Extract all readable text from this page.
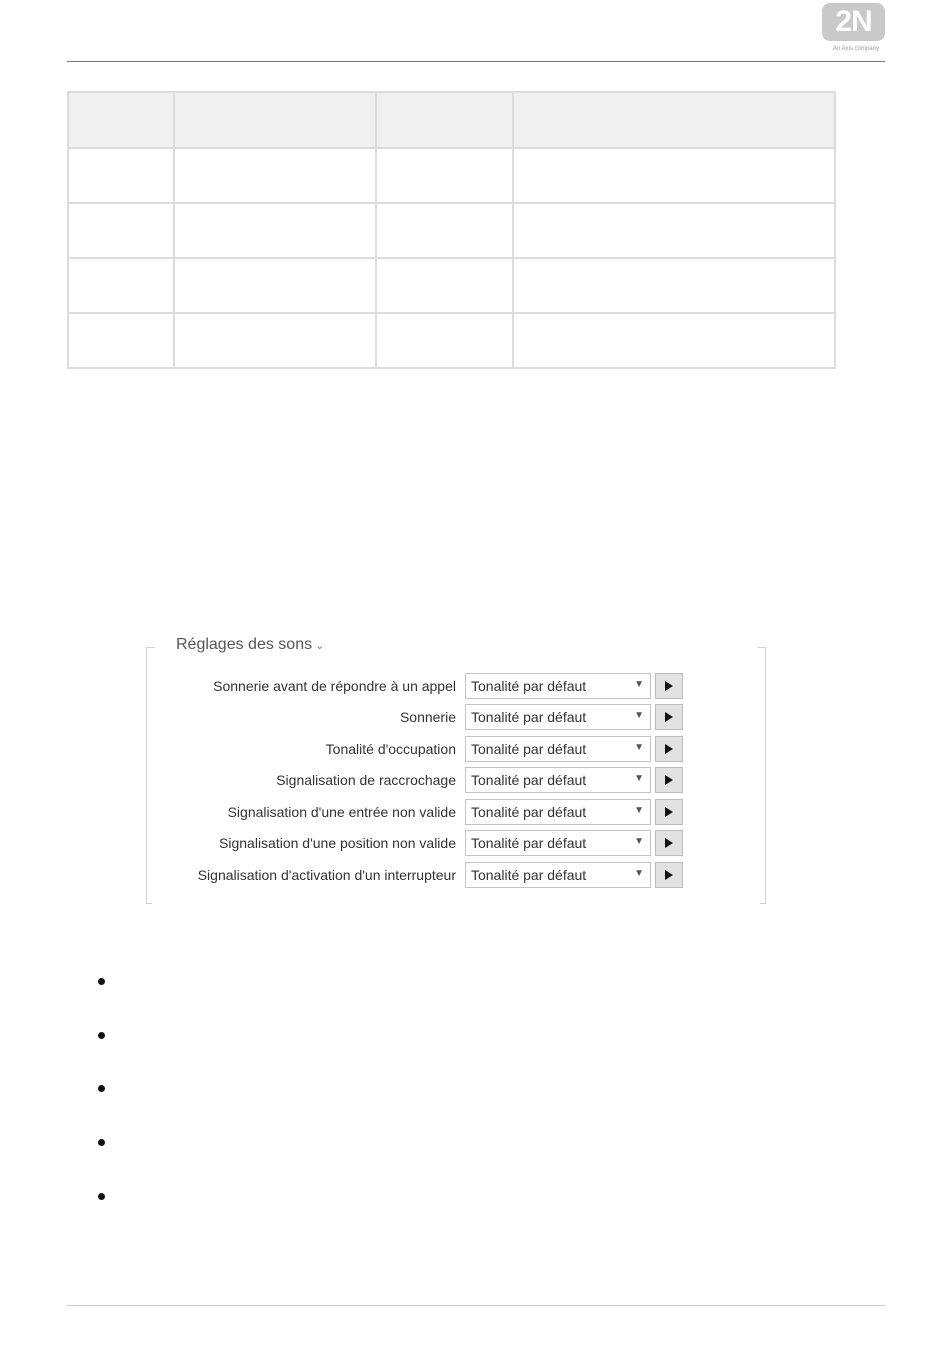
2N
An Axis company

Réglages des sons ⌄
Sonnerie avant de répondre à un appel Tonalité par défaut	▼
Sonnerie Tonalité par défaut	▼
Tonalité d'occupation Tonalité par défaut	▼
Signalisation de raccrochage Tonalité par défaut	▼
Signalisation d'une entrée non valide Tonalité par défaut	▼
Signalisation d'une position non valide Tonalité par défaut	▼
Signalisation d'activation d'un interrupteur Tonalité par défaut	▼
